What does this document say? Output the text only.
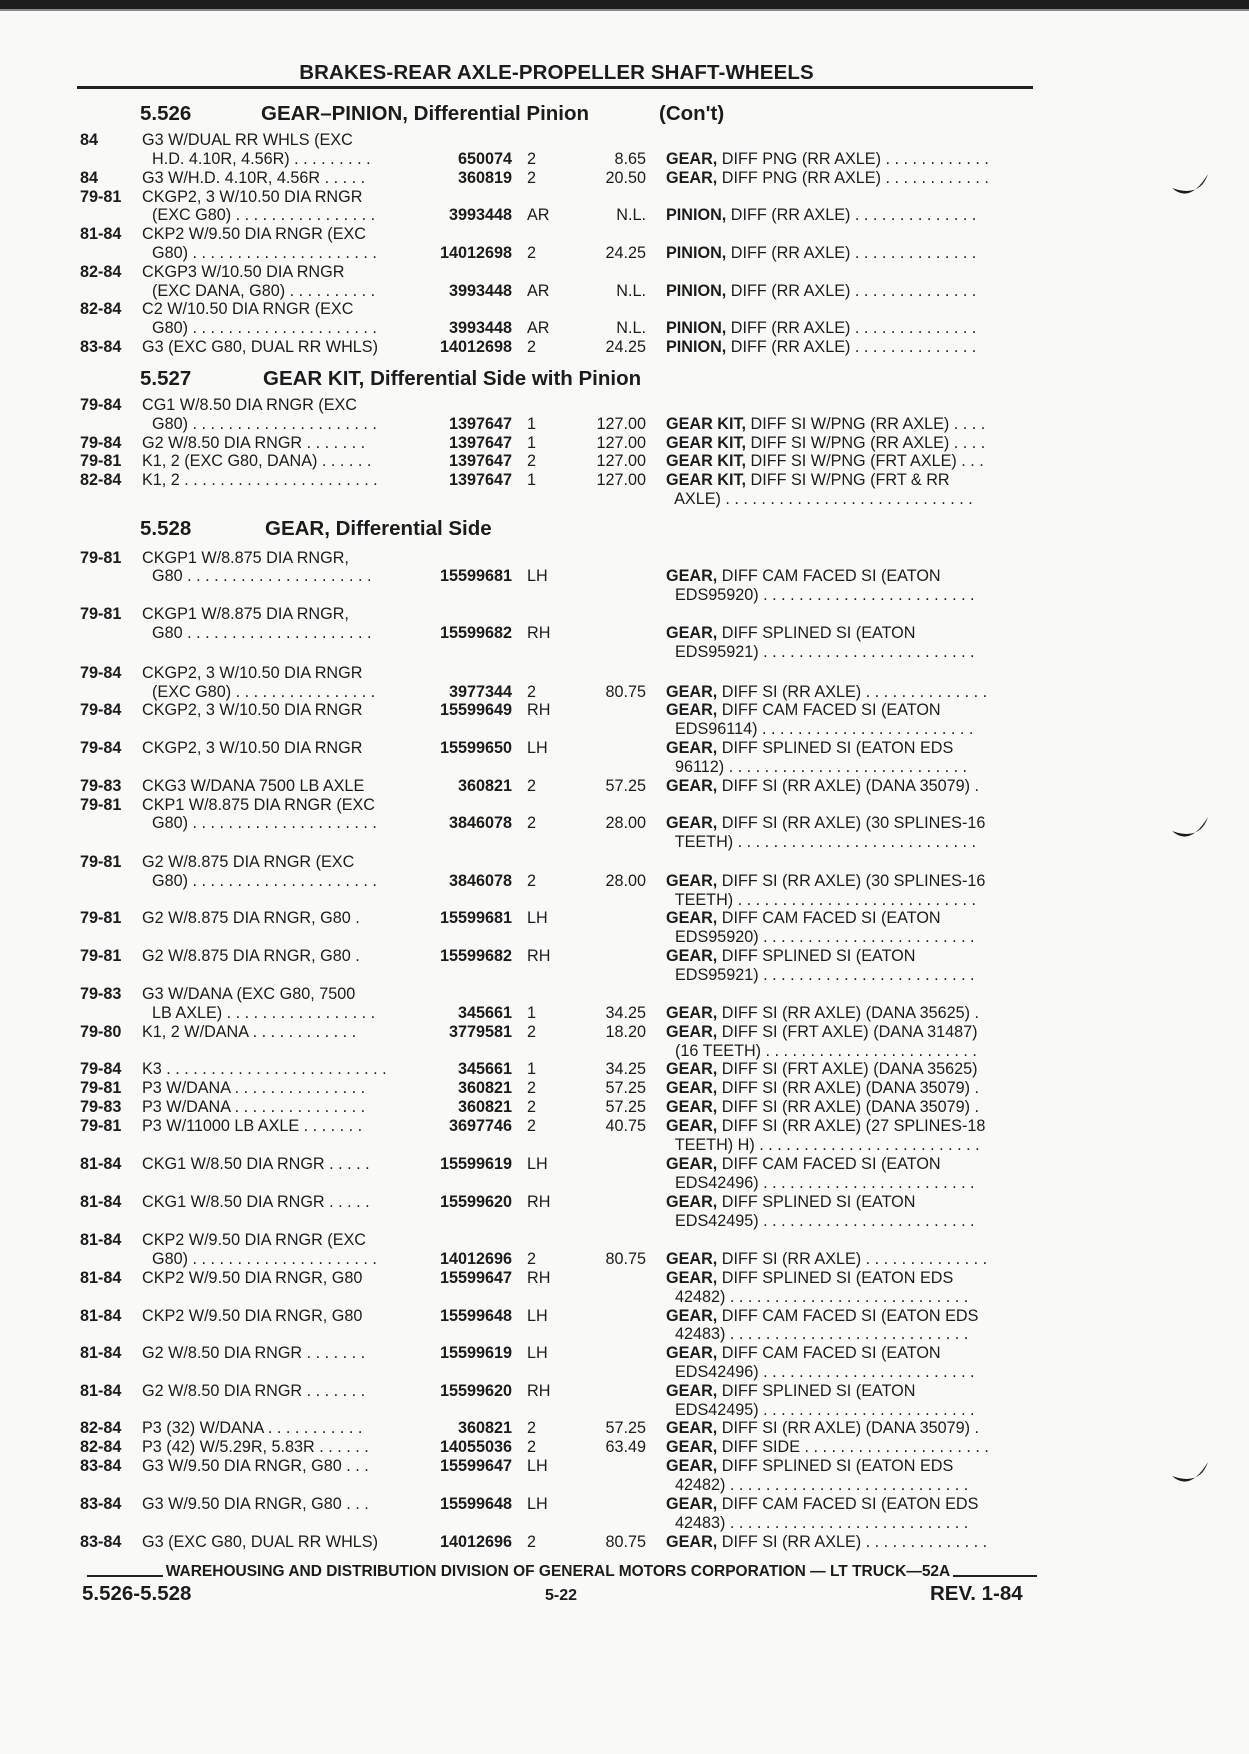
BRAKES-REAR AXLE-PROPELLER SHAFT-WHEELS
5.526	GEAR–PINION, Differential Pinion	(Con't)
5.527	GEAR KIT, Differential Side with Pinion
5.528	GEAR, Differential Side
84	G3 W/DUAL RR WHLS (EXC
H.D. 4.10R, 4.56R) . . . . . . . . .	650074 2	8.65 GEAR, DIFF PNG (RR AXLE) . . . . . . . . . . . .
84	G3 W/H.D. 4.10R, 4.56R . . . . .	360819 2	20.50 GEAR, DIFF PNG (RR AXLE) . . . . . . . . . . . .
79-81 CKGP2, 3 W/10.50 DIA RNGR
(EXC G80) . . . . . . . . . . . . . . . .	3993448 AR	N.L. PINION, DIFF (RR AXLE) . . . . . . . . . . . . . .
81-84 CKP2 W/9.50 DIA RNGR (EXC
G80) . . . . . . . . . . . . . . . . . . . . .	14012698 2	24.25 PINION, DIFF (RR AXLE) . . . . . . . . . . . . . .
82-84 CKGP3 W/10.50 DIA RNGR
(EXC DANA, G80) . . . . . . . . . .	3993448 AR	N.L. PINION, DIFF (RR AXLE) . . . . . . . . . . . . . .
82-84 C2 W/10.50 DIA RNGR (EXC
G80) . . . . . . . . . . . . . . . . . . . . .	3993448 AR	N.L. PINION, DIFF (RR AXLE) . . . . . . . . . . . . . .
83-84 G3 (EXC G80, DUAL RR WHLS)	14012698 2	24.25 PINION, DIFF (RR AXLE) . . . . . . . . . . . . . .
79-84 CG1 W/8.50 DIA RNGR (EXC
G80) . . . . . . . . . . . . . . . . . . . . .	1397647 1	127.00 GEAR KIT, DIFF SI W/PNG (RR AXLE) . . . .
79-84 G2 W/8.50 DIA RNGR . . . . . . .	1397647 1	127.00 GEAR KIT, DIFF SI W/PNG (RR AXLE) . . . .
79-81 K1, 2 (EXC G80, DANA) . . . . . .	1397647 2	127.00 GEAR KIT, DIFF SI W/PNG (FRT AXLE) . . .
82-84 K1, 2 . . . . . . . . . . . . . . . . . . . . . .	1397647 1	127.00 GEAR KIT, DIFF SI W/PNG (FRT & RR
AXLE) . . . . . . . . . . . . . . . . . . . . . . . . . . . .
79-81 CKGP1 W/8.875 DIA RNGR,
G80 . . . . . . . . . . . . . . . . . . . . .	15599681 LH	GEAR, DIFF CAM FACED SI (EATON
EDS95920) . . . . . . . . . . . . . . . . . . . . . . . .
79-81 CKGP1 W/8.875 DIA RNGR,
G80 . . . . . . . . . . . . . . . . . . . . .	15599682 RH	GEAR, DIFF SPLINED SI (EATON
EDS95921) . . . . . . . . . . . . . . . . . . . . . . . .
79-84 CKGP2, 3 W/10.50 DIA RNGR
(EXC G80) . . . . . . . . . . . . . . . .	3977344 2	80.75 GEAR, DIFF SI (RR AXLE) . . . . . . . . . . . . . .
79-84 CKGP2, 3 W/10.50 DIA RNGR	15599649 RH	GEAR, DIFF CAM FACED SI (EATON
EDS96114) . . . . . . . . . . . . . . . . . . . . . . . .
79-84 CKGP2, 3 W/10.50 DIA RNGR	15599650 LH	GEAR, DIFF SPLINED SI (EATON EDS
96112) . . . . . . . . . . . . . . . . . . . . . . . . . . .
79-83 CKG3 W/DANA 7500 LB AXLE	360821 2	57.25 GEAR, DIFF SI (RR AXLE) (DANA 35079) .
79-81 CKP1 W/8.875 DIA RNGR (EXC
G80) . . . . . . . . . . . . . . . . . . . . .	3846078 2	28.00 GEAR, DIFF SI (RR AXLE) (30 SPLINES-16
TEETH) . . . . . . . . . . . . . . . . . . . . . . . . . . .
79-81 G2 W/8.875 DIA RNGR (EXC
G80) . . . . . . . . . . . . . . . . . . . . .	3846078 2	28.00 GEAR, DIFF SI (RR AXLE) (30 SPLINES-16
TEETH) . . . . . . . . . . . . . . . . . . . . . . . . . . .
79-81 G2 W/8.875 DIA RNGR, G80 .	15599681 LH	GEAR, DIFF CAM FACED SI (EATON
EDS95920) . . . . . . . . . . . . . . . . . . . . . . . .
79-81 G2 W/8.875 DIA RNGR, G80 .	15599682 RH	GEAR, DIFF SPLINED SI (EATON
EDS95921) . . . . . . . . . . . . . . . . . . . . . . . .
79-83 G3 W/DANA (EXC G80, 7500
LB AXLE) . . . . . . . . . . . . . . . . .	345661 1	34.25 GEAR, DIFF SI (RR AXLE) (DANA 35625) .
79-80 K1, 2 W/DANA . . . . . . . . . . . .	3779581 2	18.20 GEAR, DIFF SI (FRT AXLE) (DANA 31487)
(16 TEETH) . . . . . . . . . . . . . . . . . . . . . . . .
79-84 K3 . . . . . . . . . . . . . . . . . . . . . . . . .	345661 1	34.25 GEAR, DIFF SI (FRT AXLE) (DANA 35625)
79-81 P3 W/DANA . . . . . . . . . . . . . . .	360821 2	57.25 GEAR, DIFF SI (RR AXLE) (DANA 35079) .
79-83 P3 W/DANA . . . . . . . . . . . . . . .	360821 2	57.25 GEAR, DIFF SI (RR AXLE) (DANA 35079) .
79-81 P3 W/11000 LB AXLE . . . . . . .	3697746 2	40.75 GEAR, DIFF SI (RR AXLE) (27 SPLINES-18
TEETH) H) . . . . . . . . . . . . . . . . . . . . . . . . .
81-84 CKG1 W/8.50 DIA RNGR . . . . .	15599619 LH	GEAR, DIFF CAM FACED SI (EATON
EDS42496) . . . . . . . . . . . . . . . . . . . . . . . .
81-84 CKG1 W/8.50 DIA RNGR . . . . .	15599620 RH	GEAR, DIFF SPLINED SI (EATON
EDS42495) . . . . . . . . . . . . . . . . . . . . . . . .
81-84 CKP2 W/9.50 DIA RNGR (EXC
G80) . . . . . . . . . . . . . . . . . . . . .	14012696 2	80.75 GEAR, DIFF SI (RR AXLE) . . . . . . . . . . . . . .
81-84 CKP2 W/9.50 DIA RNGR, G80	15599647 RH	GEAR, DIFF SPLINED SI (EATON EDS
42482) . . . . . . . . . . . . . . . . . . . . . . . . . . .
81-84 CKP2 W/9.50 DIA RNGR, G80	15599648 LH	GEAR, DIFF CAM FACED SI (EATON EDS
42483) . . . . . . . . . . . . . . . . . . . . . . . . . . .
81-84 G2 W/8.50 DIA RNGR . . . . . . .	15599619 LH	GEAR, DIFF CAM FACED SI (EATON
EDS42496) . . . . . . . . . . . . . . . . . . . . . . . .
81-84 G2 W/8.50 DIA RNGR . . . . . . .	15599620 RH	GEAR, DIFF SPLINED SI (EATON
EDS42495) . . . . . . . . . . . . . . . . . . . . . . . .
82-84 P3 (32) W/DANA . . . . . . . . . . .	360821 2	57.25 GEAR, DIFF SI (RR AXLE) (DANA 35079) .
82-84 P3 (42) W/5.29R, 5.83R . . . . . .	14055036 2	63.49 GEAR, DIFF SIDE . . . . . . . . . . . . . . . . . . . . .
83-84 G3 W/9.50 DIA RNGR, G80 . . .	15599647 LH	GEAR, DIFF SPLINED SI (EATON EDS
42482) . . . . . . . . . . . . . . . . . . . . . . . . . . .
83-84 G3 W/9.50 DIA RNGR, G80 . . .	15599648 LH	GEAR, DIFF CAM FACED SI (EATON EDS
42483) . . . . . . . . . . . . . . . . . . . . . . . . . . .
83-84 G3 (EXC G80, DUAL RR WHLS)	14012696 2	80.75 GEAR, DIFF SI (RR AXLE) . . . . . . . . . . . . . .
WAREHOUSING AND DISTRIBUTION DIVISION OF GENERAL MOTORS CORPORATION — LT TRUCK—52A
5.526-5.528	5-22	REV. 1-84
